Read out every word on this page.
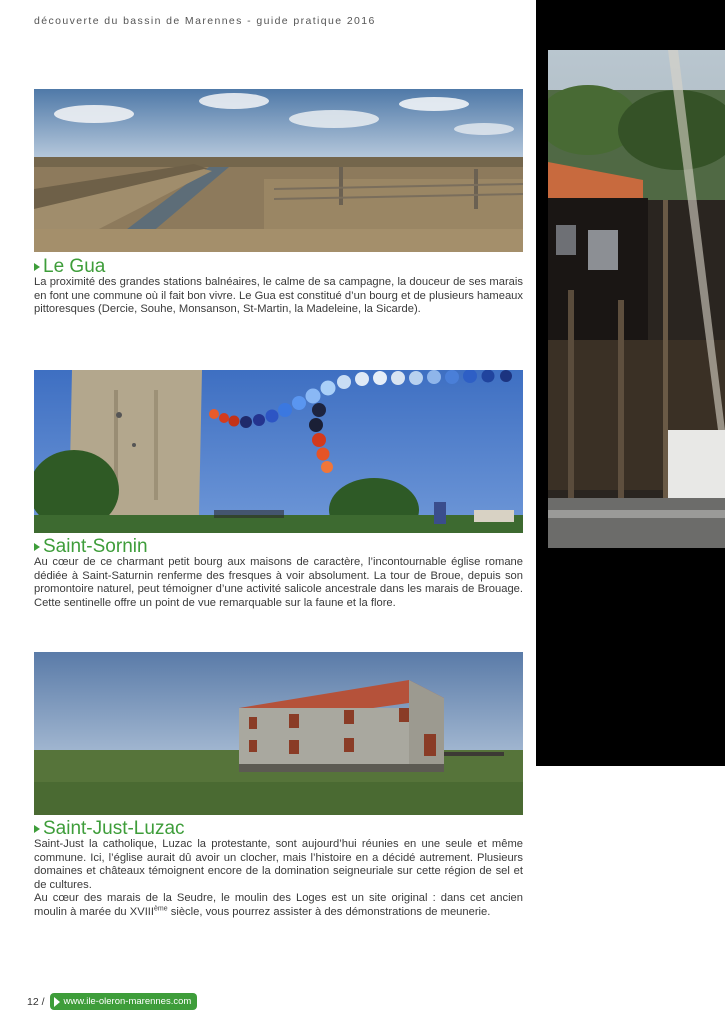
découverte du bassin de Marennes - guide pratique 2016
Le Gua

La proximité des grandes stations balnéaires, le calme de sa campagne, la douceur de ses marais en font une commune où il fait bon vivre. Le Gua est constitué d’un bourg et de plusieurs hameaux pittoresques (Dercie, Souhe, Monsanson, St-Martin, la Madeleine, la Sicarde).

Saint-Sornin

Au cœur de ce charmant petit bourg aux maisons de caractère, l’incontournable église romane dédiée à Saint-Saturnin renferme des fresques à voir absolument. La tour de Broue, depuis son promontoire naturel, peut témoigner d’une activité salicole ancestrale dans les marais de Brouage. Cette sentinelle offre un point de vue remarquable sur la faune et la flore.

Saint-Just-Luzac

Saint-Just la catholique, Luzac la protestante, sont aujourd’hui réunies en une seule et même commune. Ici, l’église aurait dû avoir un clocher, mais l’histoire en a décidé autrement. Plusieurs domaines et châteaux témoignent encore de la domination seigneuriale sur cette région de sel et de cultures.

Au cœur des marais de la Seudre, le moulin des Loges est un site original : dans cet ancien moulin à marée du XVIIIème siècle, vous pourrez assister à des démonstrations de meunerie.

12 /	www.ile-oleron-marennes.com
